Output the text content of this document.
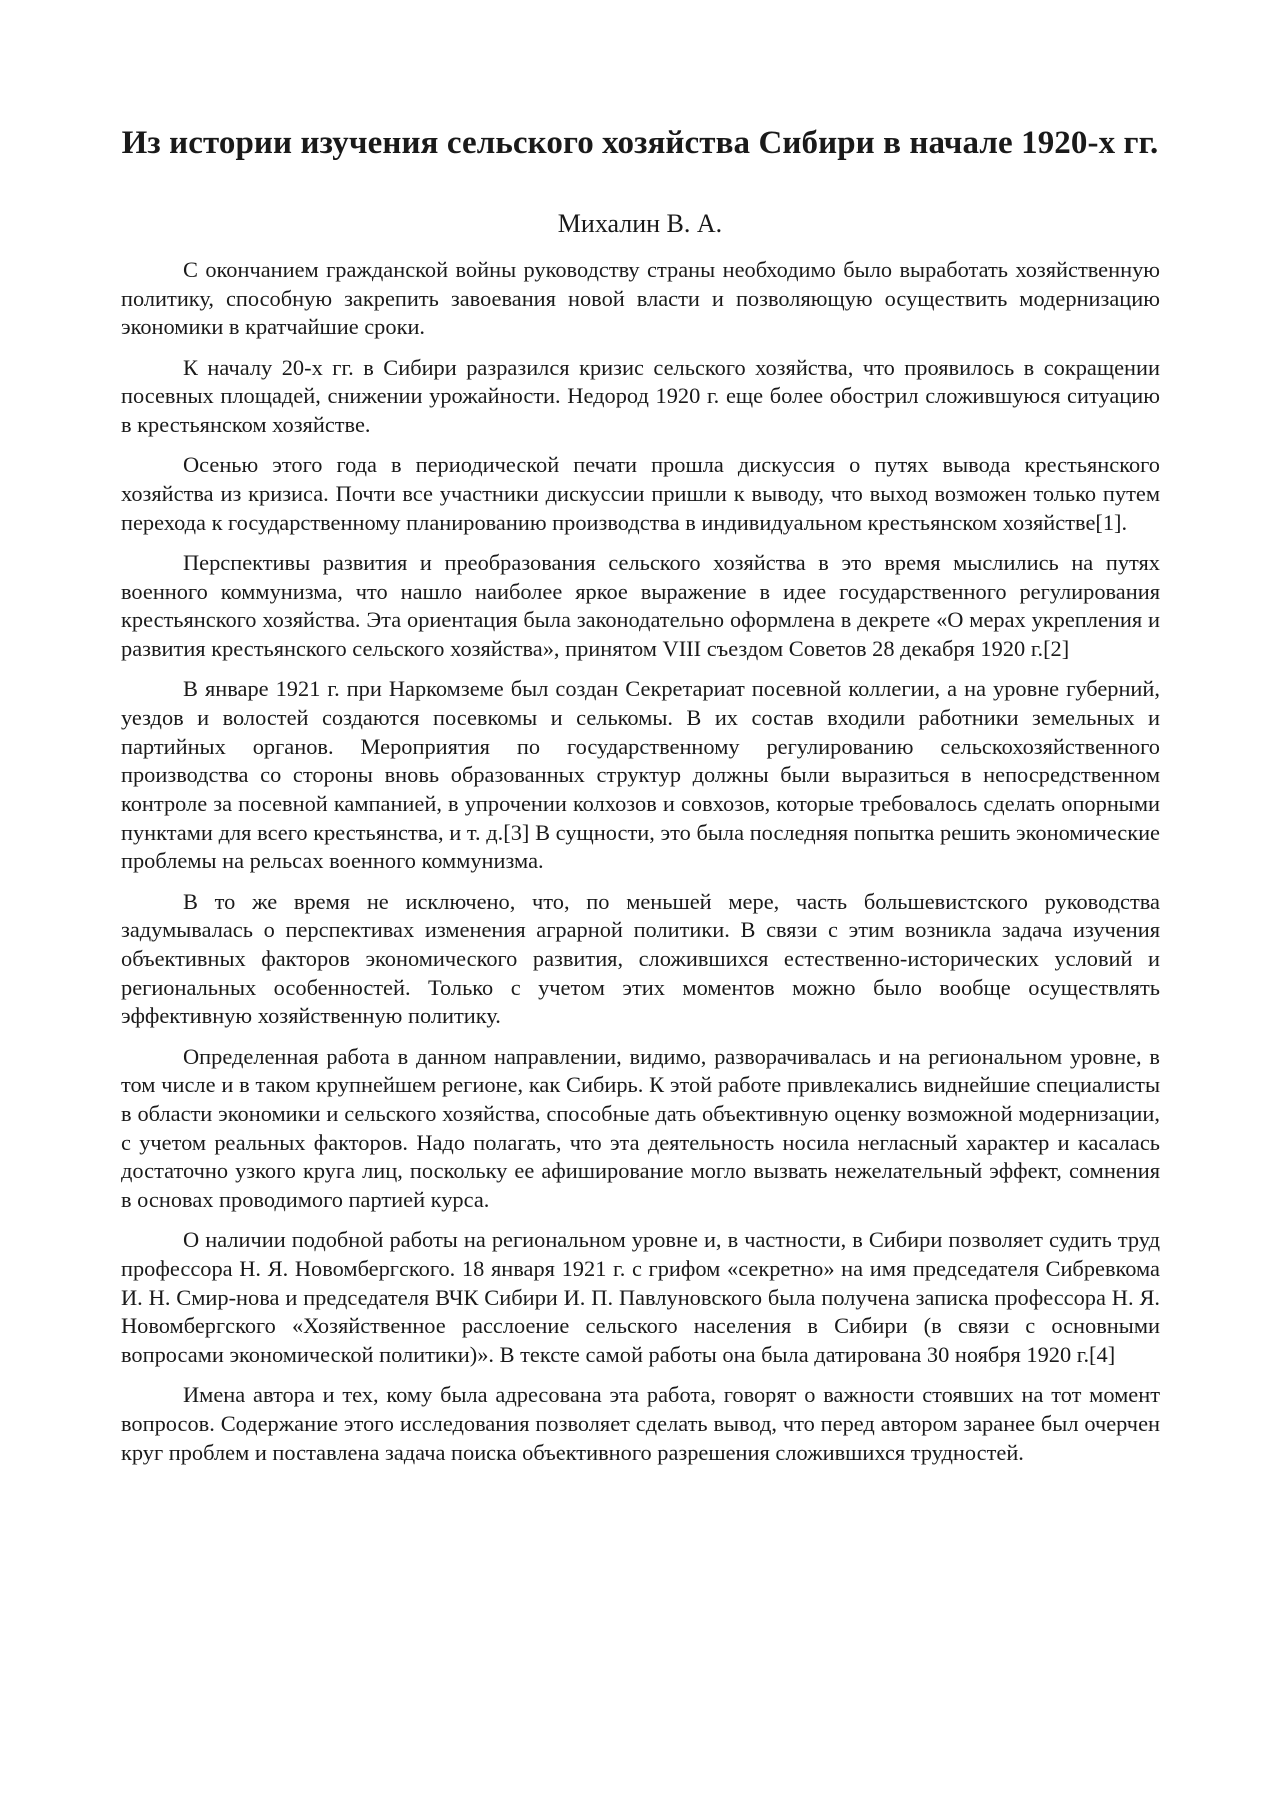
Из истории изучения сельского хозяйства Сибири в начале 1920-х гг.
Михалин В. А.

С окончанием гражданской войны руководству страны необходимо было выработать хозяйственную политику, способную закрепить завоевания новой власти и позволяющую осуществить модернизацию экономики в кратчайшие сроки.

К началу 20-х гг. в Сибири разразился кризис сельского хозяйства, что проявилось в сокращении посевных площадей, снижении урожайности. Недород 1920 г. еще более обострил сложившуюся ситуацию в крестьянском хозяйстве.

Осенью этого года в периодической печати прошла дискуссия о путях вывода крестьянского хозяйства из кризиса. Почти все участники дискуссии пришли к выводу, что выход возможен только путем перехода к государственному планированию производства в индивидуальном крестьянском хозяйстве[1].

Перспективы развития и преобразования сельского хозяйства в это время мыслились на путях военного коммунизма, что нашло наиболее яркое выражение в идее государственного регулирования крестьянского хозяйства. Эта ориентация была законодательно оформлена в декрете «О мерах укрепления и развития крестьянского сельского хозяйства», принятом VIII съездом Советов 28 декабря 1920 г.[2]

В январе 1921 г. при Наркомземе был создан Секретариат посевной коллегии, а на уровне губерний, уездов и волостей создаются посевкомы и селькомы. В их состав входили работники земельных и партийных органов. Мероприятия по государственному регулированию сельскохозяйственного производства со стороны вновь образованных структур должны были выразиться в непосредственном контроле за посевной кампанией, в упрочении колхозов и совхозов, которые требовалось сделать опорными пунктами для всего крестьянства, и т. д.[3] В сущности, это была последняя попытка решить экономические проблемы на рельсах военного коммунизма.

В то же время не исключено, что, по меньшей мере, часть большевистского руководства задумывалась о перспективах изменения аграрной политики. В связи с этим возникла задача изучения объективных факторов экономического развития, сложившихся естественно-исторических условий и региональных особенностей. Только с учетом этих моментов можно было вообще осуществлять эффективную хозяйственную политику.

Определенная работа в данном направлении, видимо, разворачивалась и на региональном уровне, в том числе и в таком крупнейшем регионе, как Сибирь. К этой работе привлекались виднейшие специалисты в области экономики и сельского хозяйства, способные дать объективную оценку возможной модернизации, с учетом реальных факторов. Надо полагать, что эта деятельность носила негласный характер и касалась достаточно узкого круга лиц, поскольку ее афиширование могло вызвать нежелательный эффект, сомнения в основах проводимого партией курса.

О наличии подобной работы на региональном уровне и, в частности, в Сибири позволяет судить труд профессора Н. Я. Новомбергского. 18 января 1921 г. с грифом «секретно» на имя председателя Сибревкома И. Н. Смир-нова и председателя ВЧК Сибири И. П. Павлуновского была получена записка профессора Н. Я. Новомбергского «Хозяйственное расслоение сельского населения в Сибири (в связи с основными вопросами экономической политики)». В тексте самой работы она была датирована 30 ноября 1920 г.[4]

Имена автора и тех, кому была адресована эта работа, говорят о важности стоявших на тот момент вопросов. Содержание этого исследования позволяет сделать вывод, что перед автором заранее был очерчен круг проблем и поставлена задача поиска объективного разрешения сложившихся трудностей.
